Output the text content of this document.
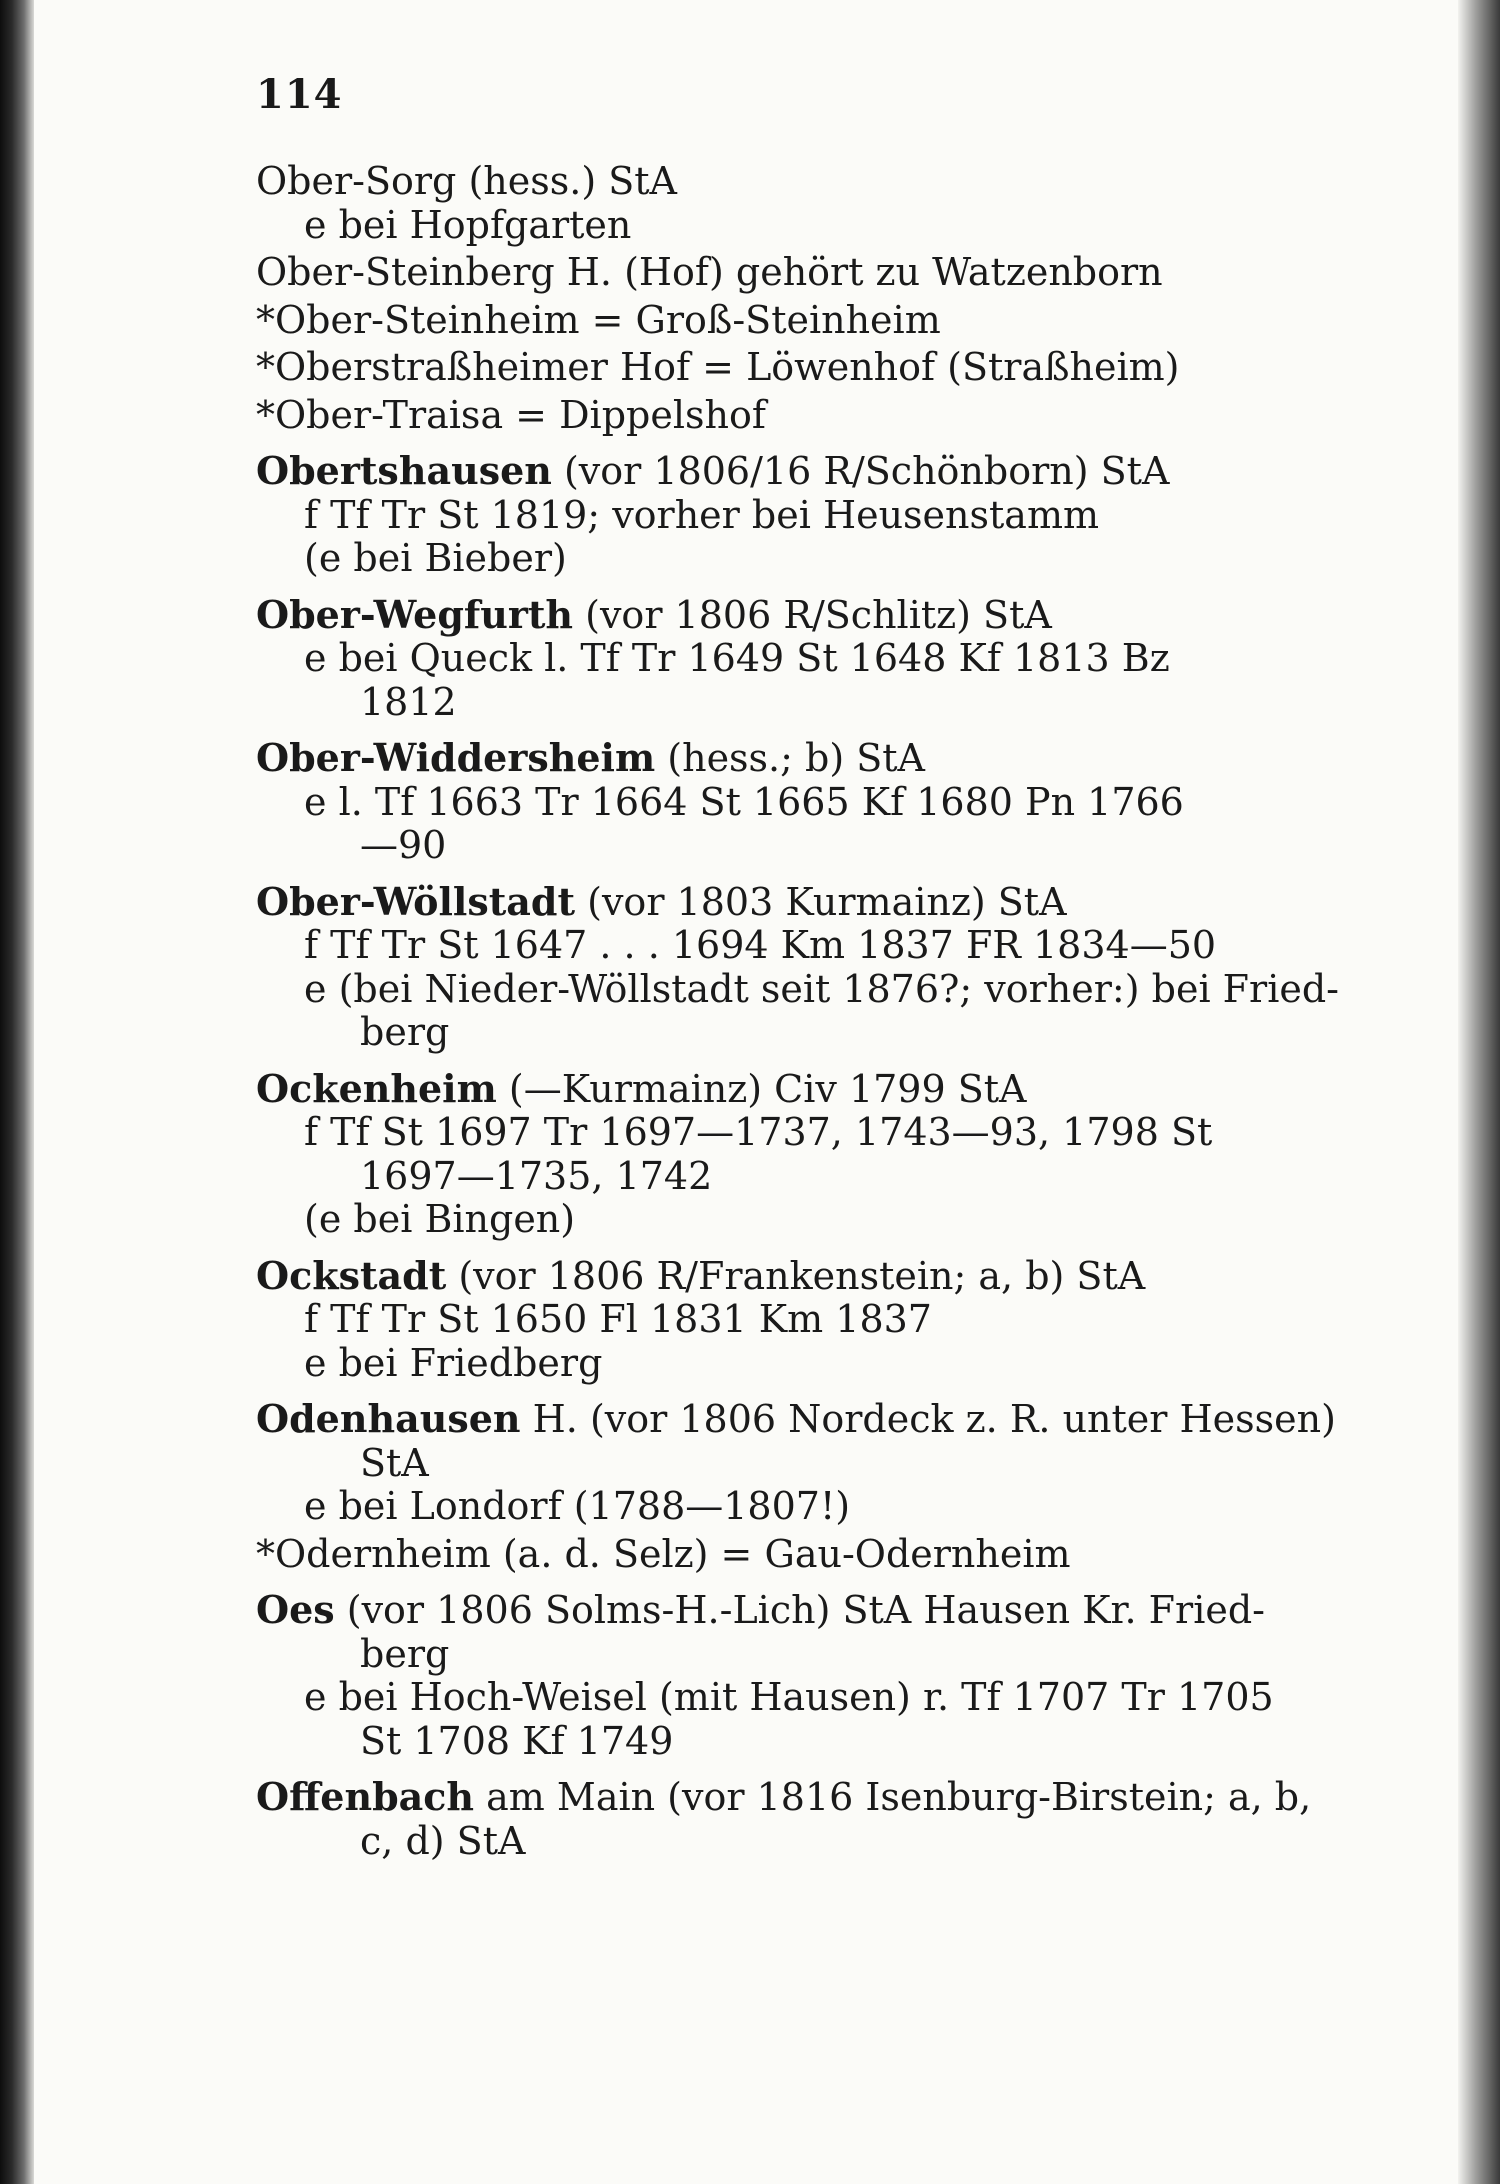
114
Ober-Sorg (hess.) StA
e bei Hopfgarten
Ober-Steinberg H. (Hof) gehört zu Watzenborn
*Ober-Steinheim = Groß-Steinheim
*Oberstraßheimer Hof = Löwenhof (Straßheim)
*Ober-Traisa = Dippelshof
Obertshausen (vor 1806/16 R/Schönborn) StA
f Tf Tr St 1819; vorher bei Heusenstamm
(e bei Bieber)
Ober-Wegfurth (vor 1806 R/Schlitz) StA
e bei Queck l. Tf Tr 1649 St 1648 Kf 1813 Bz
1812
Ober-Widdersheim (hess.; b) StA
e l. Tf 1663 Tr 1664 St 1665 Kf 1680 Pn 1766
—90
Ober-Wöllstadt (vor 1803 Kurmainz) StA
f Tf Tr St 1647 . . . 1694 Km 1837 FR 1834—50
e (bei Nieder-Wöllstadt seit 1876?; vorher:) bei Fried-
berg
Ockenheim (—Kurmainz) Civ 1799 StA
f Tf St 1697 Tr 1697—1737, 1743—93, 1798 St
1697—1735, 1742
(e bei Bingen)
Ockstadt (vor 1806 R/Frankenstein; a, b) StA
f Tf Tr St 1650 Fl 1831 Km 1837
e bei Friedberg
Odenhausen H. (vor 1806 Nordeck z. R. unter Hessen)
StA
e bei Londorf (1788—1807!)
*Odernheim (a. d. Selz) = Gau-Odernheim
Oes (vor 1806 Solms-H.-Lich) StA Hausen Kr. Fried-
berg
e bei Hoch-Weisel (mit Hausen) r. Tf 1707 Tr 1705
St 1708 Kf 1749
Offenbach am Main (vor 1816 Isenburg-Birstein; a, b,
c, d) StA
